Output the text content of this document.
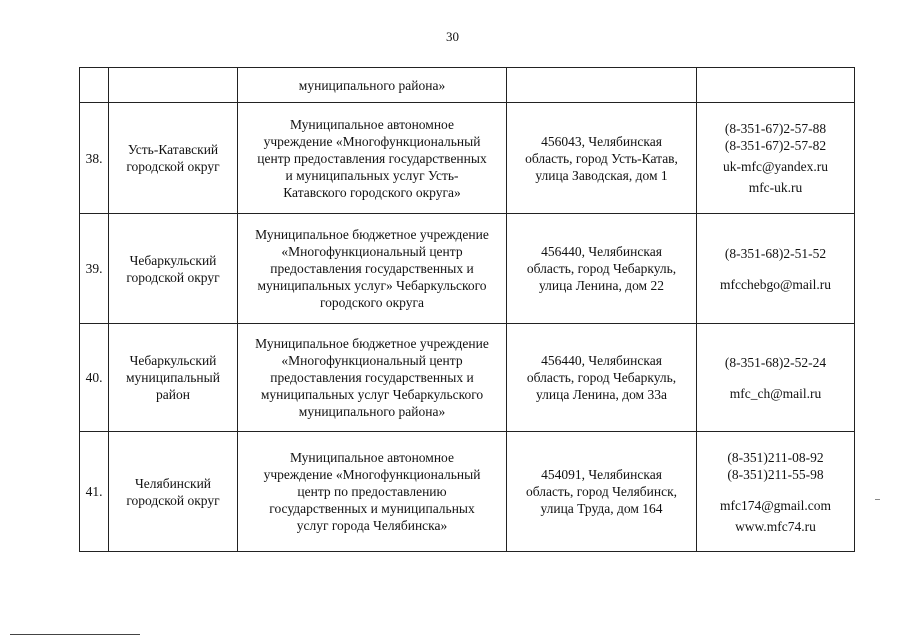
30
		муниципального района»		
38.	Усть-Катавский
городской округ	Муниципальное автономное
учреждение «Многофункциональный
центр предоставления государственных
и муниципальных услуг Усть-
Катавского городского округа»	456043, Челябинская
область, город Усть-Катав,
улица Заводская, дом 1	(8-351-67)2-57-88
(8-351-67)2-57-82
uk-mfc@yandex.ru
mfc-uk.ru

39.	Чебаркульский
городской округ	Муниципальное бюджетное учреждение
«Многофункциональный центр
предоставления государственных и
муниципальных услуг» Чебаркульского
городского округа	456440, Челябинская
область, город Чебаркуль,
улица Ленина, дом 22	(8-351-68)2-51-52
mfcchebgo@mail.ru

40.	Чебаркульский
муниципальный
район	Муниципальное бюджетное учреждение
«Многофункциональный центр
предоставления государственных и
муниципальных услуг Чебаркульского
муниципального района»	456440, Челябинская
область, город Чебаркуль,
улица Ленина, дом 33а	(8-351-68)2-52-24
mfc_ch@mail.ru

41.	Челябинский
городской округ	Муниципальное автономное
учреждение «Многофункциональный
центр по предоставлению
государственных и муниципальных
услуг города Челябинска»	454091, Челябинская
область, город Челябинск,
улица Труда, дом 164	(8-351)211-08-92
(8-351)211-55-98
mfc174@gmail.com
www.mfc74.ru
